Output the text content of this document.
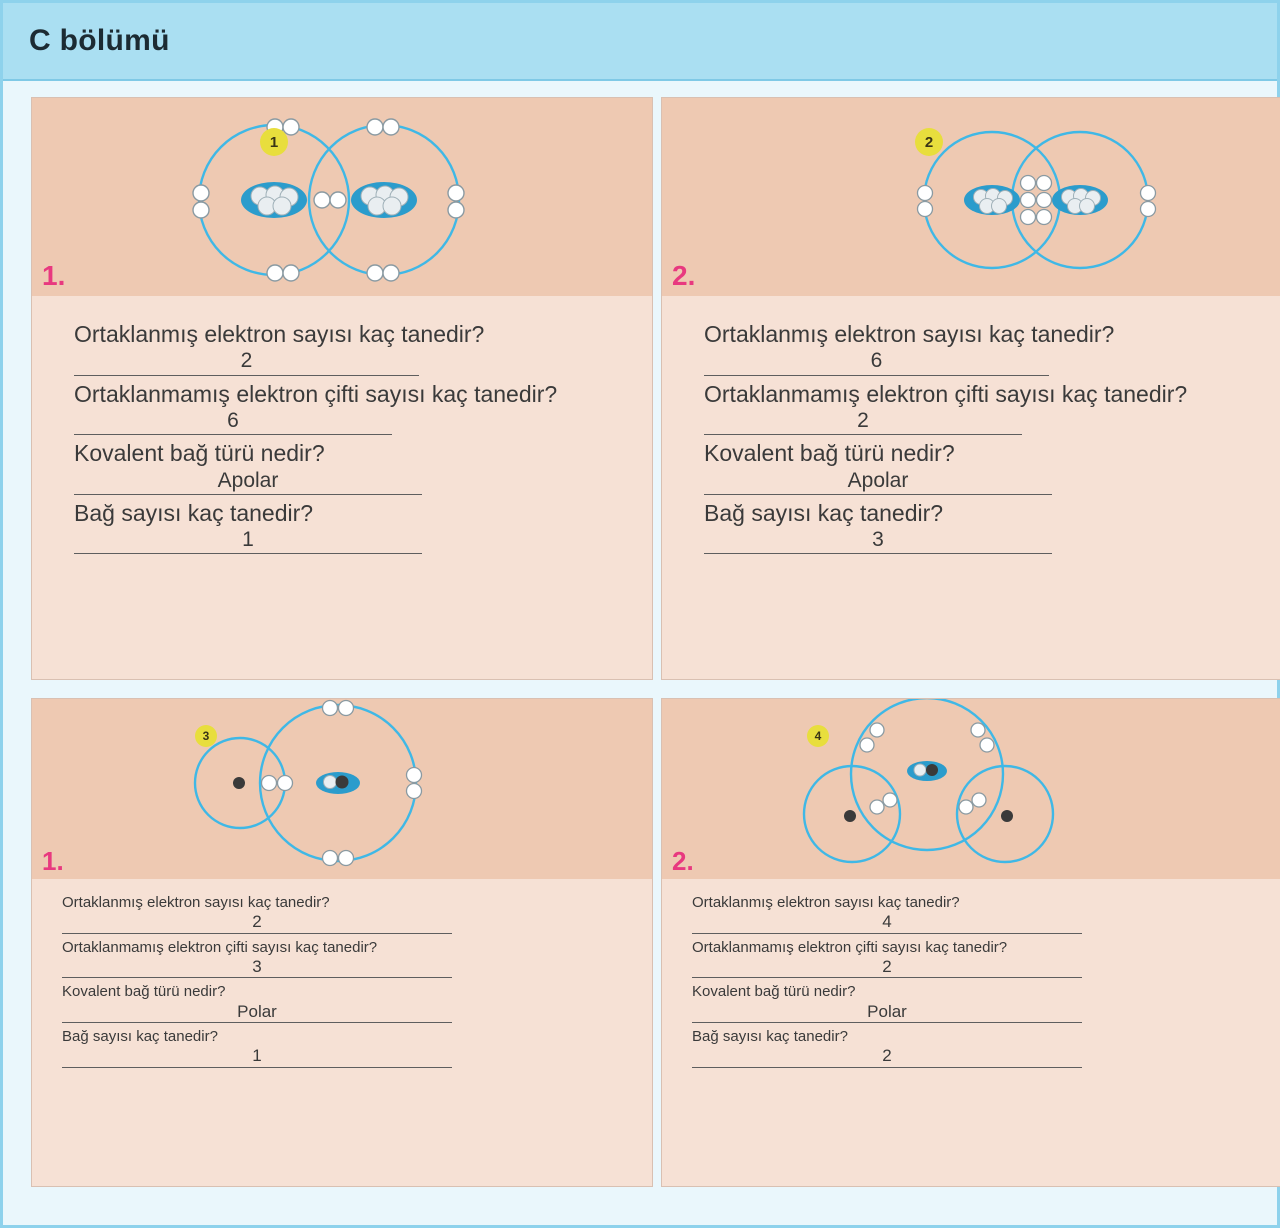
C bölümü
1
1.
Ortaklanmış elektron sayısı kaç tanedir?
2
Ortaklanmamış elektron çifti sayısı kaç tanedir?
6
Kovalent bağ türü nedir?
Apolar
Bağ sayısı kaç tanedir?
1
2
2.
Ortaklanmış elektron sayısı kaç tanedir?
6
Ortaklanmamış elektron çifti sayısı kaç tanedir?
2
Kovalent bağ türü nedir?
Apolar
Bağ sayısı kaç tanedir?
3
3
1.
Ortaklanmış elektron sayısı kaç tanedir?
2
Ortaklanmamış elektron çifti sayısı kaç tanedir?
3
Kovalent bağ türü nedir?
Polar
Bağ sayısı kaç tanedir?
1
4
2.
Ortaklanmış elektron sayısı kaç tanedir?
4
Ortaklanmamış elektron çifti sayısı kaç tanedir?
2
Kovalent bağ türü nedir?
Polar
Bağ sayısı kaç tanedir?
2
